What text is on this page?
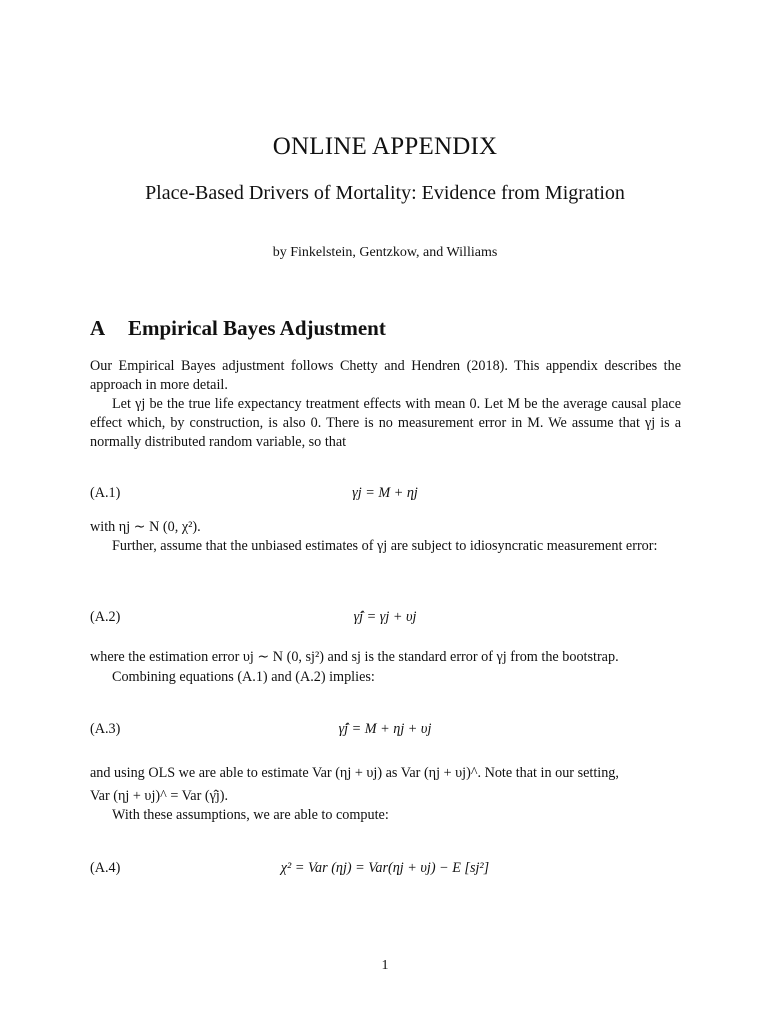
ONLINE APPENDIX
Place-Based Drivers of Mortality: Evidence from Migration
by Finkelstein, Gentzkow, and Williams
A Empirical Bayes Adjustment
Our Empirical Bayes adjustment follows Chetty and Hendren (2018). This appendix describes the approach in more detail.
Let γj be the true life expectancy treatment effects with mean 0. Let M be the average causal place effect which, by construction, is also 0. There is no measurement error in M. We assume that γj is a normally distributed random variable, so that
(A.1)	γj = M + ηj
with ηj ∼ N (0, χ²).
Further, assume that the unbiased estimates of γj are subject to idiosyncratic measurement error:
(A.2)	γ̂j = γj + υj
where the estimation error υj ∼ N (0, sj²) and sj is the standard error of γj from the bootstrap.
Combining equations (A.1) and (A.2) implies:
(A.3)	γ̂j = M + ηj + υj
and using OLS we are able to estimate Var (ηj + υj) as Var (ηj + υj)^. Note that in our setting,
Var (ηj + υj)^ = Var (γ̂j).
With these assumptions, we are able to compute:
(A.4)	χ² = Var (ηj) = Var(ηj + υj) − E [sj²]
1
